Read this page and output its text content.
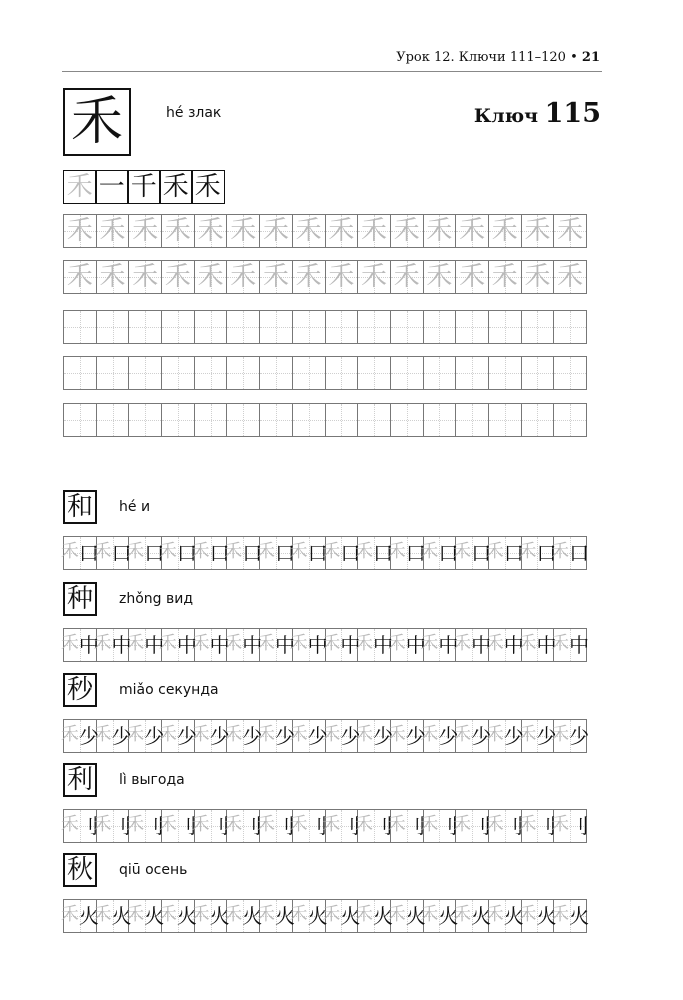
Урок 12. Ключи 111–120 • 21
禾	hé злак	Ключ 115
禾 一 千 禾 禾
禾 禾 禾 禾 禾 禾 禾 禾 禾 禾 禾 禾 禾 禾 禾 禾
禾 禾 禾 禾 禾 禾 禾 禾 禾 禾 禾 禾 禾 禾 禾 禾
和 hé и
禾 口
禾 口
禾 口
禾 口
禾 口
禾 口
禾 口
禾 口
禾 口
禾 口
禾 口
禾 口
禾 口
禾 口
禾 口
禾 口
种 zhǒng вид
禾 中
禾 中
禾 中
禾 中
禾 中
禾 中
禾 中
禾 中
禾 中
禾 中
禾 中
禾 中
禾 中
禾 中
禾 中
禾 中
秒 miǎo секунда
禾 少
禾 少
禾 少
禾 少
禾 少
禾 少
禾 少
禾 少
禾 少
禾 少
禾 少
禾 少
禾 少
禾 少
禾 少
禾 少
利 lì выгода
禾 刂
禾 刂
禾 刂
禾 刂
禾 刂
禾 刂
禾 刂
禾 刂
禾 刂
禾 刂
禾 刂
禾 刂
禾 刂
禾 刂
禾 刂
禾 刂
秋 qiū осень
禾 火
禾 火
禾 火
禾 火
禾 火
禾 火
禾 火
禾 火
禾 火
禾 火
禾 火
禾 火
禾 火
禾 火
禾 火
禾 火
